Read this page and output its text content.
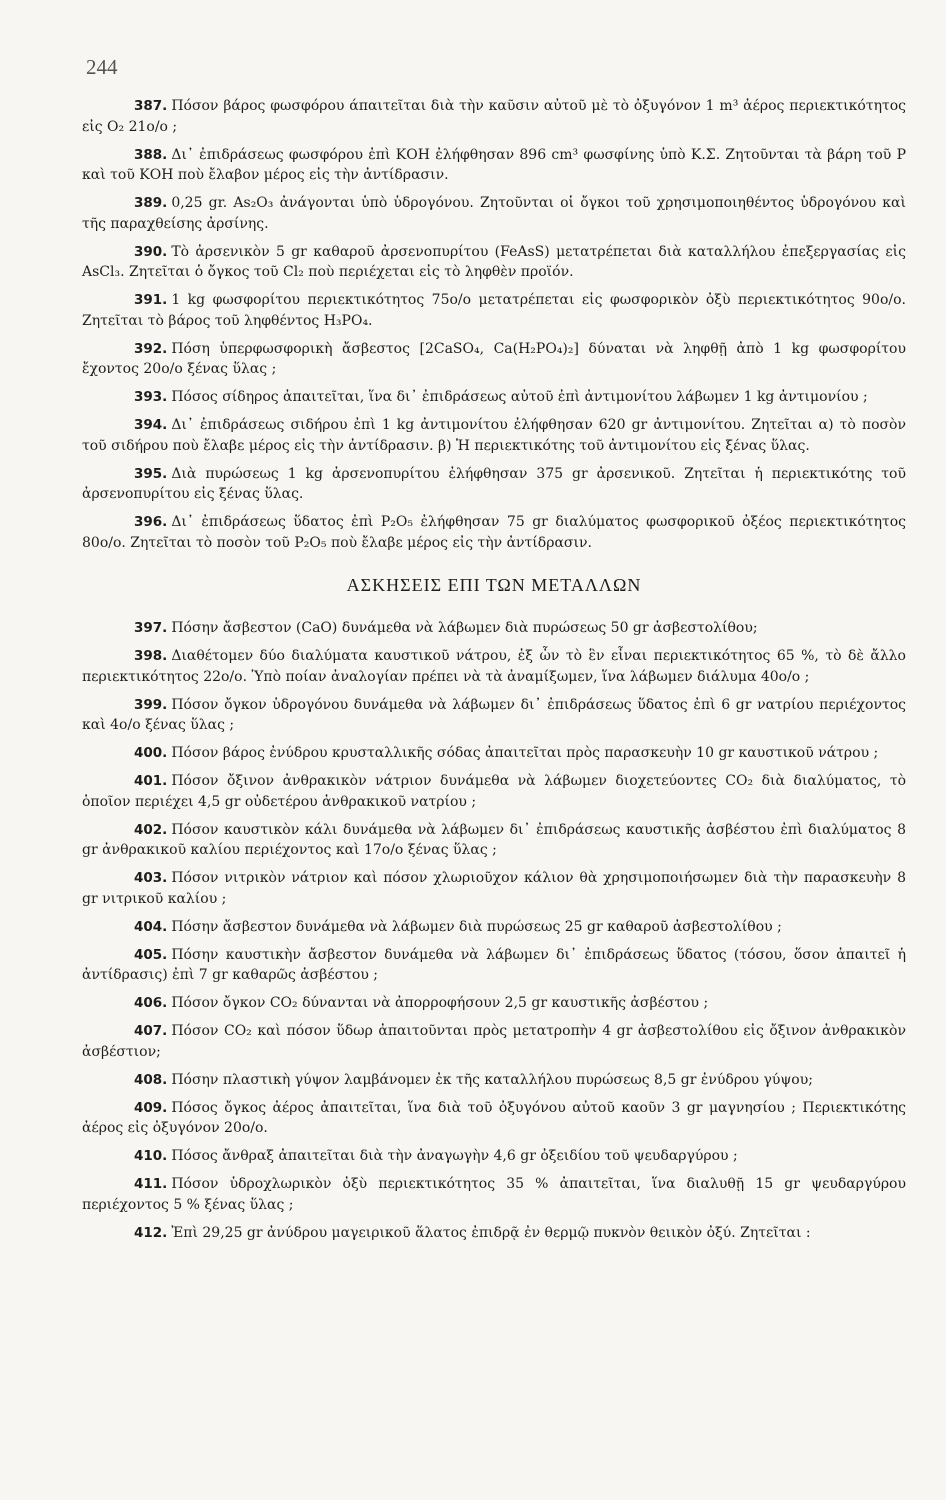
244
387. Πόσον βάρος φωσφόρου άπαιτεῖται διὰ τὴν καῦσιν αὐτοῦ μὲ τὸ ὀξυγόνον 1 m³ ἀέρος περιεκτικότητος εἰς O₂ 21ο/ο ;
388. Δι᾽ ἐπιδράσεως φωσφόρου ἐπὶ ΚΟΗ ἐλήφθησαν 896 cm³ φωσφίνης ὑπὸ Κ.Σ. Ζητοῦνται τὰ βάρη τοῦ Ρ καὶ τοῦ ΚΟΗ ποὺ ἔλαβον μέρος εἰς τὴν ἀντίδρασιν.
389. 0,25 gr. As₂O₃ ἀνάγονται ὑπὸ ὑδρογόνου. Ζητοῦνται οἱ ὄγκοι τοῦ χρησιμοποιηθέντος ὑδρογόνου καὶ τῆς παραχθείσης ἀρσίνης.
390. Τὸ ἀρσενικὸν 5 gr καθαροῦ ἀρσενοπυρίτου (FeAsS) μετατρέπεται διὰ καταλλήλου ἐπεξεργασίας εἰς AsCl₃. Ζητεῖται ὁ ὄγκος τοῦ Cl₂ ποὺ περιέχεται εἰς τὸ ληφθὲν προϊόν.
391. 1 kg φωσφορίτου περιεκτικότητος 75ο/ο μετατρέπεται εἰς φωσφορικὸν ὀξὺ περιεκτικότητος 90ο/ο. Ζητεῖται τὸ βάρος τοῦ ληφθέντος H₃PO₄.
392. Πόση ὑπερφωσφορικὴ ἄσβεστος [2CaSO₄, Ca(H₂PO₄)₂] δύναται νὰ ληφθῇ ἀπὸ 1 kg φωσφορίτου ἔχοντος 20ο/ο ξένας ὕλας ;
393. Πόσος σίδηρος ἀπαιτεῖται, ἵνα δι᾽ ἐπιδράσεως αὐτοῦ ἐπὶ ἀντιμονίτου λάβωμεν 1 kg ἀντιμονίου ;
394. Δι᾽ ἐπιδράσεως σιδήρου ἐπὶ 1 kg ἀντιμονίτου ἐλήφθησαν 620 gr ἀντιμονίτου. Ζητεῖται α) τὸ ποσὸν τοῦ σιδήρου ποὺ ἔλαβε μέρος εἰς τὴν ἀντίδρασιν. β) Ἡ περιεκτικότης τοῦ ἀντιμονίτου εἰς ξένας ὕλας.
395. Διὰ πυρώσεως 1 kg ἀρσενοπυρίτου ἐλήφθησαν 375 gr ἀρσενικοῦ. Ζητεῖται ἡ περιεκτικότης τοῦ ἀρσενοπυρίτου εἰς ξένας ὕλας.
396. Δι᾽ ἐπιδράσεως ὕδατος ἐπὶ P₂O₅ ἐλήφθησαν 75 gr διαλύματος φωσφορικοῦ ὀξέος περιεκτικότητος 80ο/ο. Ζητεῖται τὸ ποσὸν τοῦ P₂O₅ ποὺ ἔλαβε μέρος εἰς τὴν ἀντίδρασιν.
ΑΣΚΗΣΕΙΣ ΕΠΙ ΤΩΝ ΜΕΤΑΛΛΩΝ
397. Πόσην ἄσβεστον (CaO) δυνάμεθα νὰ λάβωμεν διὰ πυρώσεως 50 gr ἀσβεστολίθου;
398. Διαθέτομεν δύο διαλύματα καυστικοῦ νάτρου, ἐξ ὧν τὸ ἓν εἶναι περιεκτικότητος 65 %, τὸ δὲ ἄλλο περιεκτικότητος 22ο/ο. Ὑπὸ ποίαν ἀναλογίαν πρέπει νὰ τὰ ἀναμίξωμεν, ἵνα λάβωμεν διάλυμα 40ο/ο ;
399. Πόσον ὄγκον ὑδρογόνου δυνάμεθα νὰ λάβωμεν δι᾽ ἐπιδράσεως ὕδατος ἐπὶ 6 gr νατρίου περιέχοντος καὶ 4ο/ο ξένας ὕλας ;
400. Πόσον βάρος ἐνύδρου κρυσταλλικῆς σόδας ἀπαιτεῖται πρὸς παρασκευὴν 10 gr καυστικοῦ νάτρου ;
401. Πόσον ὄξινον ἀνθρακικὸν νάτριον δυνάμεθα νὰ λάβωμεν διοχετεύοντες CO₂ διὰ διαλύματος, τὸ ὁποῖον περιέχει 4,5 gr οὐδετέρου ἀνθρακικοῦ νατρίου ;
402. Πόσον καυστικὸν κάλι δυνάμεθα νὰ λάβωμεν δι᾽ ἐπιδράσεως καυστικῆς ἀσβέστου ἐπὶ διαλύματος 8 gr ἀνθρακικοῦ καλίου περιέχοντος καὶ 17ο/ο ξένας ὕλας ;
403. Πόσον νιτρικὸν νάτριον καὶ πόσον χλωριοῦχον κάλιον θὰ χρησιμοποιήσωμεν διὰ τὴν παρασκευὴν 8 gr νιτρικοῦ καλίου ;
404. Πόσην ἄσβεστον δυνάμεθα νὰ λάβωμεν διὰ πυρώσεως 25 gr καθαροῦ ἀσβεστολίθου ;
405. Πόσην καυστικὴν ἄσβεστον δυνάμεθα νὰ λάβωμεν δι᾽ ἐπιδράσεως ὕδατος (τόσου, ὅσον ἀπαιτεῖ ἡ ἀντίδρασις) ἐπὶ 7 gr καθαρῶς ἀσβέστου ;
406. Πόσον ὄγκον CO₂ δύνανται νὰ ἀπορροφήσουν 2,5 gr καυστικῆς ἀσβέστου ;
407. Πόσον CO₂ καὶ πόσον ὕδωρ ἀπαιτοῦνται πρὸς μετατροπὴν 4 gr ἀσβεστολίθου εἰς ὄξινον ἀνθρακικὸν ἀσβέστιον;
408. Πόσην πλαστικὴ γύψον λαμβάνομεν ἐκ τῆς καταλλήλου πυρώσεως 8,5 gr ἐνύδρου γύψου;
409. Πόσος ὄγκος ἀέρος ἀπαιτεῖται, ἵνα διὰ τοῦ ὀξυγόνου αὐτοῦ καοῦν 3 gr μαγνησίου ; Περιεκτικότης ἀέρος εἰς ὀξυγόνον 20ο/ο.
410. Πόσος ἄνθραξ ἀπαιτεῖται διὰ τὴν ἀναγωγὴν 4,6 gr ὀξειδίου τοῦ ψευδαργύρου ;
411. Πόσον ὑδροχλωρικὸν ὀξὺ περιεκτικότητος 35 % ἀπαιτεῖται, ἵνα διαλυθῇ 15 gr ψευδαργύρου περιέχοντος 5 % ξένας ὕλας ;
412. Ἐπὶ 29,25 gr ἀνύδρου μαγειρικοῦ ἅλατος ἐπιδρᾷ ἐν θερμῷ πυκνὸν θειικὸν ὀξύ. Ζητεῖται :
